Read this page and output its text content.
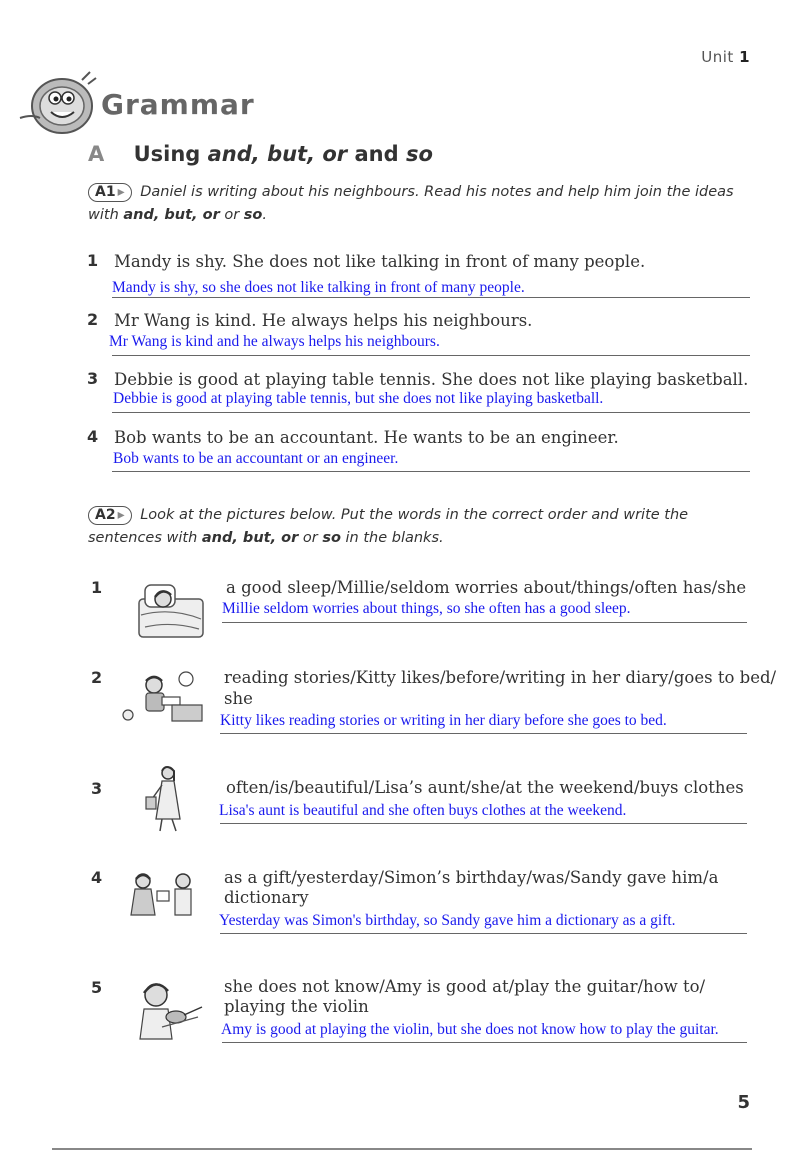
Unit 1
Grammar
A Using and, but, or and so
A1 ▸ Daniel is writing about his neighbours. Read his notes and help him join the ideas
with and, but, or or so.
1 Mandy is shy. She does not like talking in front of many people.
Mandy is shy, so she does not like talking in front of many people.
2 Mr Wang is kind. He always helps his neighbours.
Mr Wang is kind and he always helps his neighbours.
3 Debbie is good at playing table tennis. She does not like playing basketball.
Debbie is good at playing table tennis, but she does not like playing basketball.
4 Bob wants to be an accountant. He wants to be an engineer.
Bob wants to be an accountant or an engineer.
A2 ▸ Look at the pictures below. Put the words in the correct order and write the
sentences with and, but, or or so in the blanks.
1	a good sleep/Millie/seldom worries about/things/often has/she
Millie seldom worries about things, so she often has a good sleep.
2	reading stories/Kitty likes/before/writing in her diary/goes to bed/
she
Kitty likes reading stories or writing in her diary before she goes to bed.
3	often/is/beautiful/Lisa’s aunt/she/at the weekend/buys clothes
Lisa's aunt is beautiful and she often buys clothes at the weekend.
4	as a gift/yesterday/Simon’s birthday/was/Sandy gave him/a
dictionary
Yesterday was Simon's birthday, so Sandy gave him a dictionary as a gift.
5	she does not know/Amy is good at/play the guitar/how to/
playing the violin
Amy is good at playing the violin, but she does not know how to play the guitar.
5
